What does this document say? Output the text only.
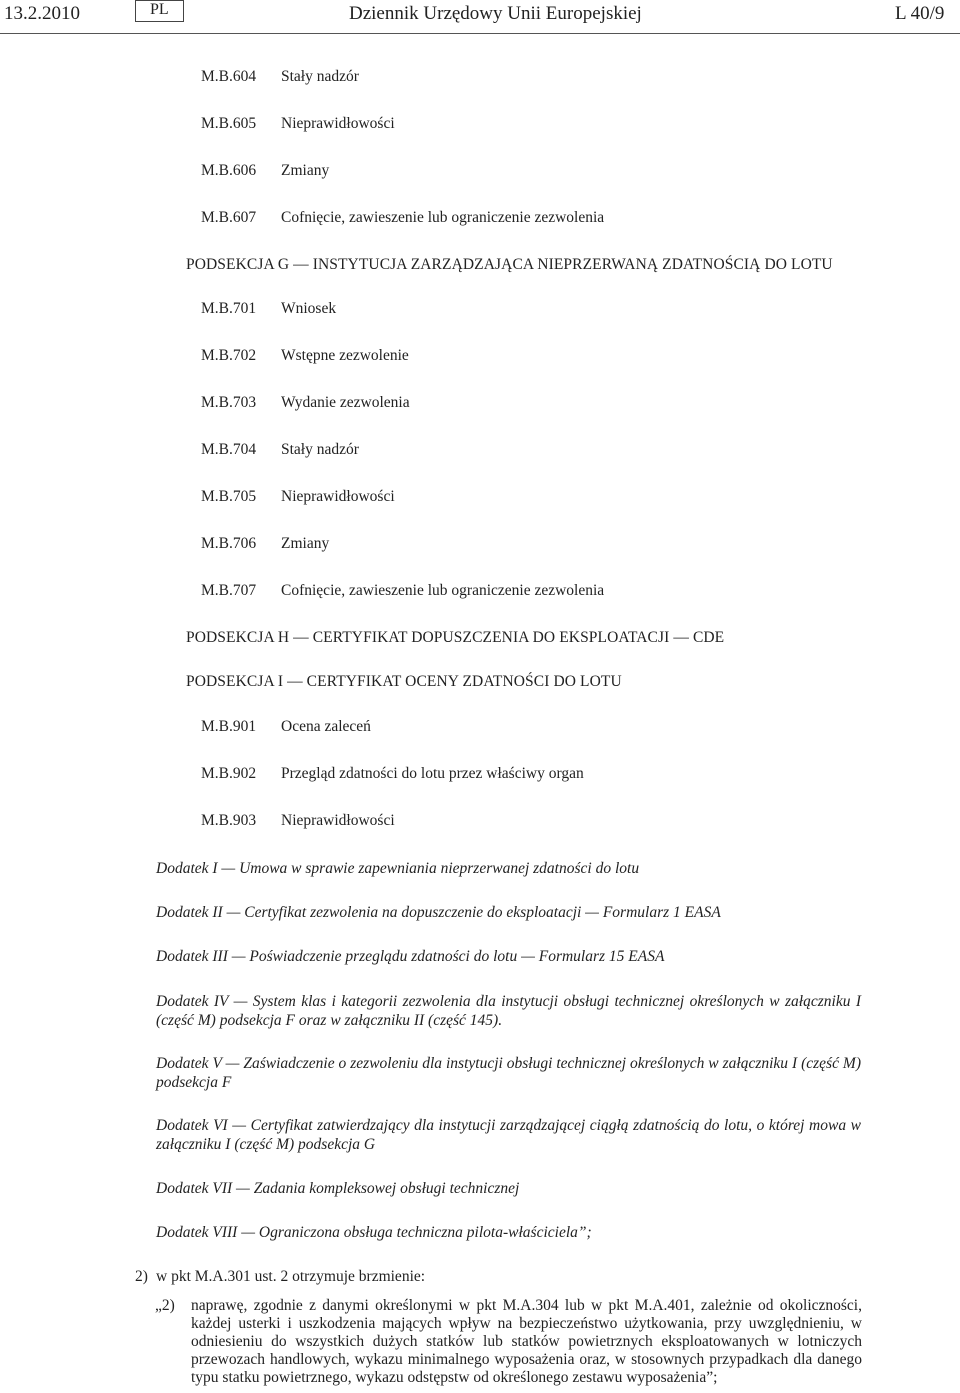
13.2.2010	PL	Dziennik Urzędowy Unii Europejskiej	L 40/9
M.B.604 Stały nadzór
M.B.605 Nieprawidłowości
M.B.606 Zmiany
M.B.607 Cofnięcie, zawieszenie lub ograniczenie zezwolenia
PODSEKCJA G — INSTYTUCJA ZARZĄDZAJĄCA NIEPRZERWANĄ ZDATNOŚCIĄ DO LOTU
M.B.701 Wniosek
M.B.702 Wstępne zezwolenie
M.B.703 Wydanie zezwolenia
M.B.704 Stały nadzór
M.B.705 Nieprawidłowości
M.B.706 Zmiany
M.B.707 Cofnięcie, zawieszenie lub ograniczenie zezwolenia
PODSEKCJA H — CERTYFIKAT DOPUSZCZENIA DO EKSPLOATACJI — CDE
PODSEKCJA I — CERTYFIKAT OCENY ZDATNOŚCI DO LOTU
M.B.901 Ocena zaleceń
M.B.902 Przegląd zdatności do lotu przez właściwy organ
M.B.903 Nieprawidłowości
Dodatek I — Umowa w sprawie zapewniania nieprzerwanej zdatności do lotu
Dodatek II — Certyfikat zezwolenia na dopuszczenie do eksploatacji — Formularz 1 EASA
Dodatek III — Poświadczenie przeglądu zdatności do lotu — Formularz 15 EASA
Dodatek IV — System klas i kategorii zezwolenia dla instytucji obsługi technicznej określonych w załączniku I (część M) podsekcja F oraz w załączniku II (część 145).
Dodatek V — Zaświadczenie o zezwoleniu dla instytucji obsługi technicznej określonych w załączniku I (część M) podsekcja F
Dodatek VI — Certyfikat zatwierdzający dla instytucji zarządzającej ciągłą zdatnością do lotu, o której mowa w załączniku I (część M) podsekcja G
Dodatek VII — Zadania kompleksowej obsługi technicznej
Dodatek VIII — Ograniczona obsługa techniczna pilota-właściciela”;
2) w pkt M.A.301 ust. 2 otrzymuje brzmienie:
„2) naprawę, zgodnie z danymi określonymi w pkt M.A.304 lub w pkt M.A.401, zależnie od okoliczności, każdej usterki i uszkodzenia mających wpływ na bezpieczeństwo użytkowania, przy uwzględnieniu, w odniesieniu do wszystkich dużych statków lub statków powietrznych eksploatowanych w lotniczych przewozach handlowych, wykazu minimalnego wyposażenia oraz, w stosownych przypadkach dla danego typu statku powietrznego, wykazu odstępstw od określonego zestawu wyposażenia”;
